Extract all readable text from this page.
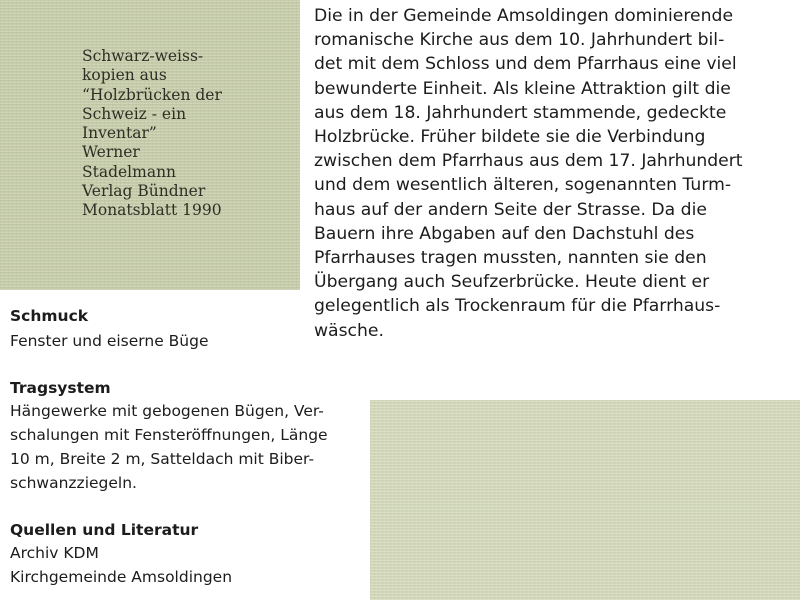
Schwarz-weiss-
kopien aus
“Holzbrücken der
Schweiz - ein
Inventar”
Werner
Stadelmann
Verlag Bündner
Monatsblatt 1990

Die in der Gemeinde Amsoldingen dominierende
romanische Kirche aus dem 10. Jahrhundert bil-
det mit dem Schloss und dem Pfarrhaus eine viel
bewunderte Einheit. Als kleine Attraktion gilt die
aus dem 18. Jahrhundert stammende, gedeckte
Holzbrücke. Früher bildete sie die Verbindung
zwischen dem Pfarrhaus aus dem 17. Jahrhundert
und dem wesentlich älteren, sogenannten Turm-
haus auf der andern Seite der Strasse. Da die
Bauern ihre Abgaben auf den Dachstuhl des
Pfarrhauses tragen mussten, nannten sie den
Übergang auch Seufzerbrücke. Heute dient er
gelegentlich als Trockenraum für die Pfarrhaus-
wäsche.

Schmuck

Fenster und eiserne Büge

Tragsystem

Hängewerke mit gebogenen Bügen, Ver-
schalungen mit Fensteröffnungen, Länge
10 m, Breite 2 m, Satteldach mit Biber-
schwanzziegeln.

Quellen und Literatur

Archiv KDM
Kirchgemeinde Amsoldingen
